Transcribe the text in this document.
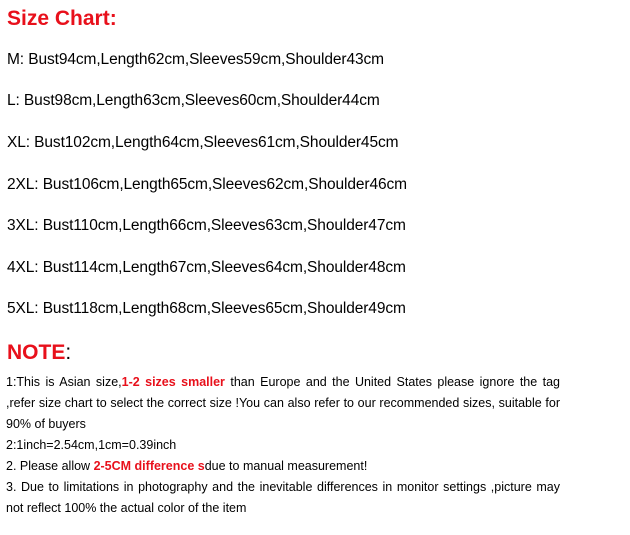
Size Chart:
M: Bust94cm,Length62cm,Sleeves59cm,Shoulder43cm
L: Bust98cm,Length63cm,Sleeves60cm,Shoulder44cm
XL: Bust102cm,Length64cm,Sleeves61cm,Shoulder45cm
2XL: Bust106cm,Length65cm,Sleeves62cm,Shoulder46cm
3XL: Bust110cm,Length66cm,Sleeves63cm,Shoulder47cm
4XL: Bust114cm,Length67cm,Sleeves64cm,Shoulder48cm
5XL: Bust118cm,Length68cm,Sleeves65cm,Shoulder49cm
NOTE:

1:This is Asian size,1-2 sizes smaller than Europe and the United States please ignore the tag ,refer size chart to select the correct size !You can also refer to our recommended sizes, suitable for 90% of buyers

2:1inch=2.54cm,1cm=0.39inch

2. Please allow 2-5CM difference sdue to manual measurement!

3. Due to limitations in photography and the inevitable differences in monitor settings ,picture may not reflect 100% the actual color of the item
